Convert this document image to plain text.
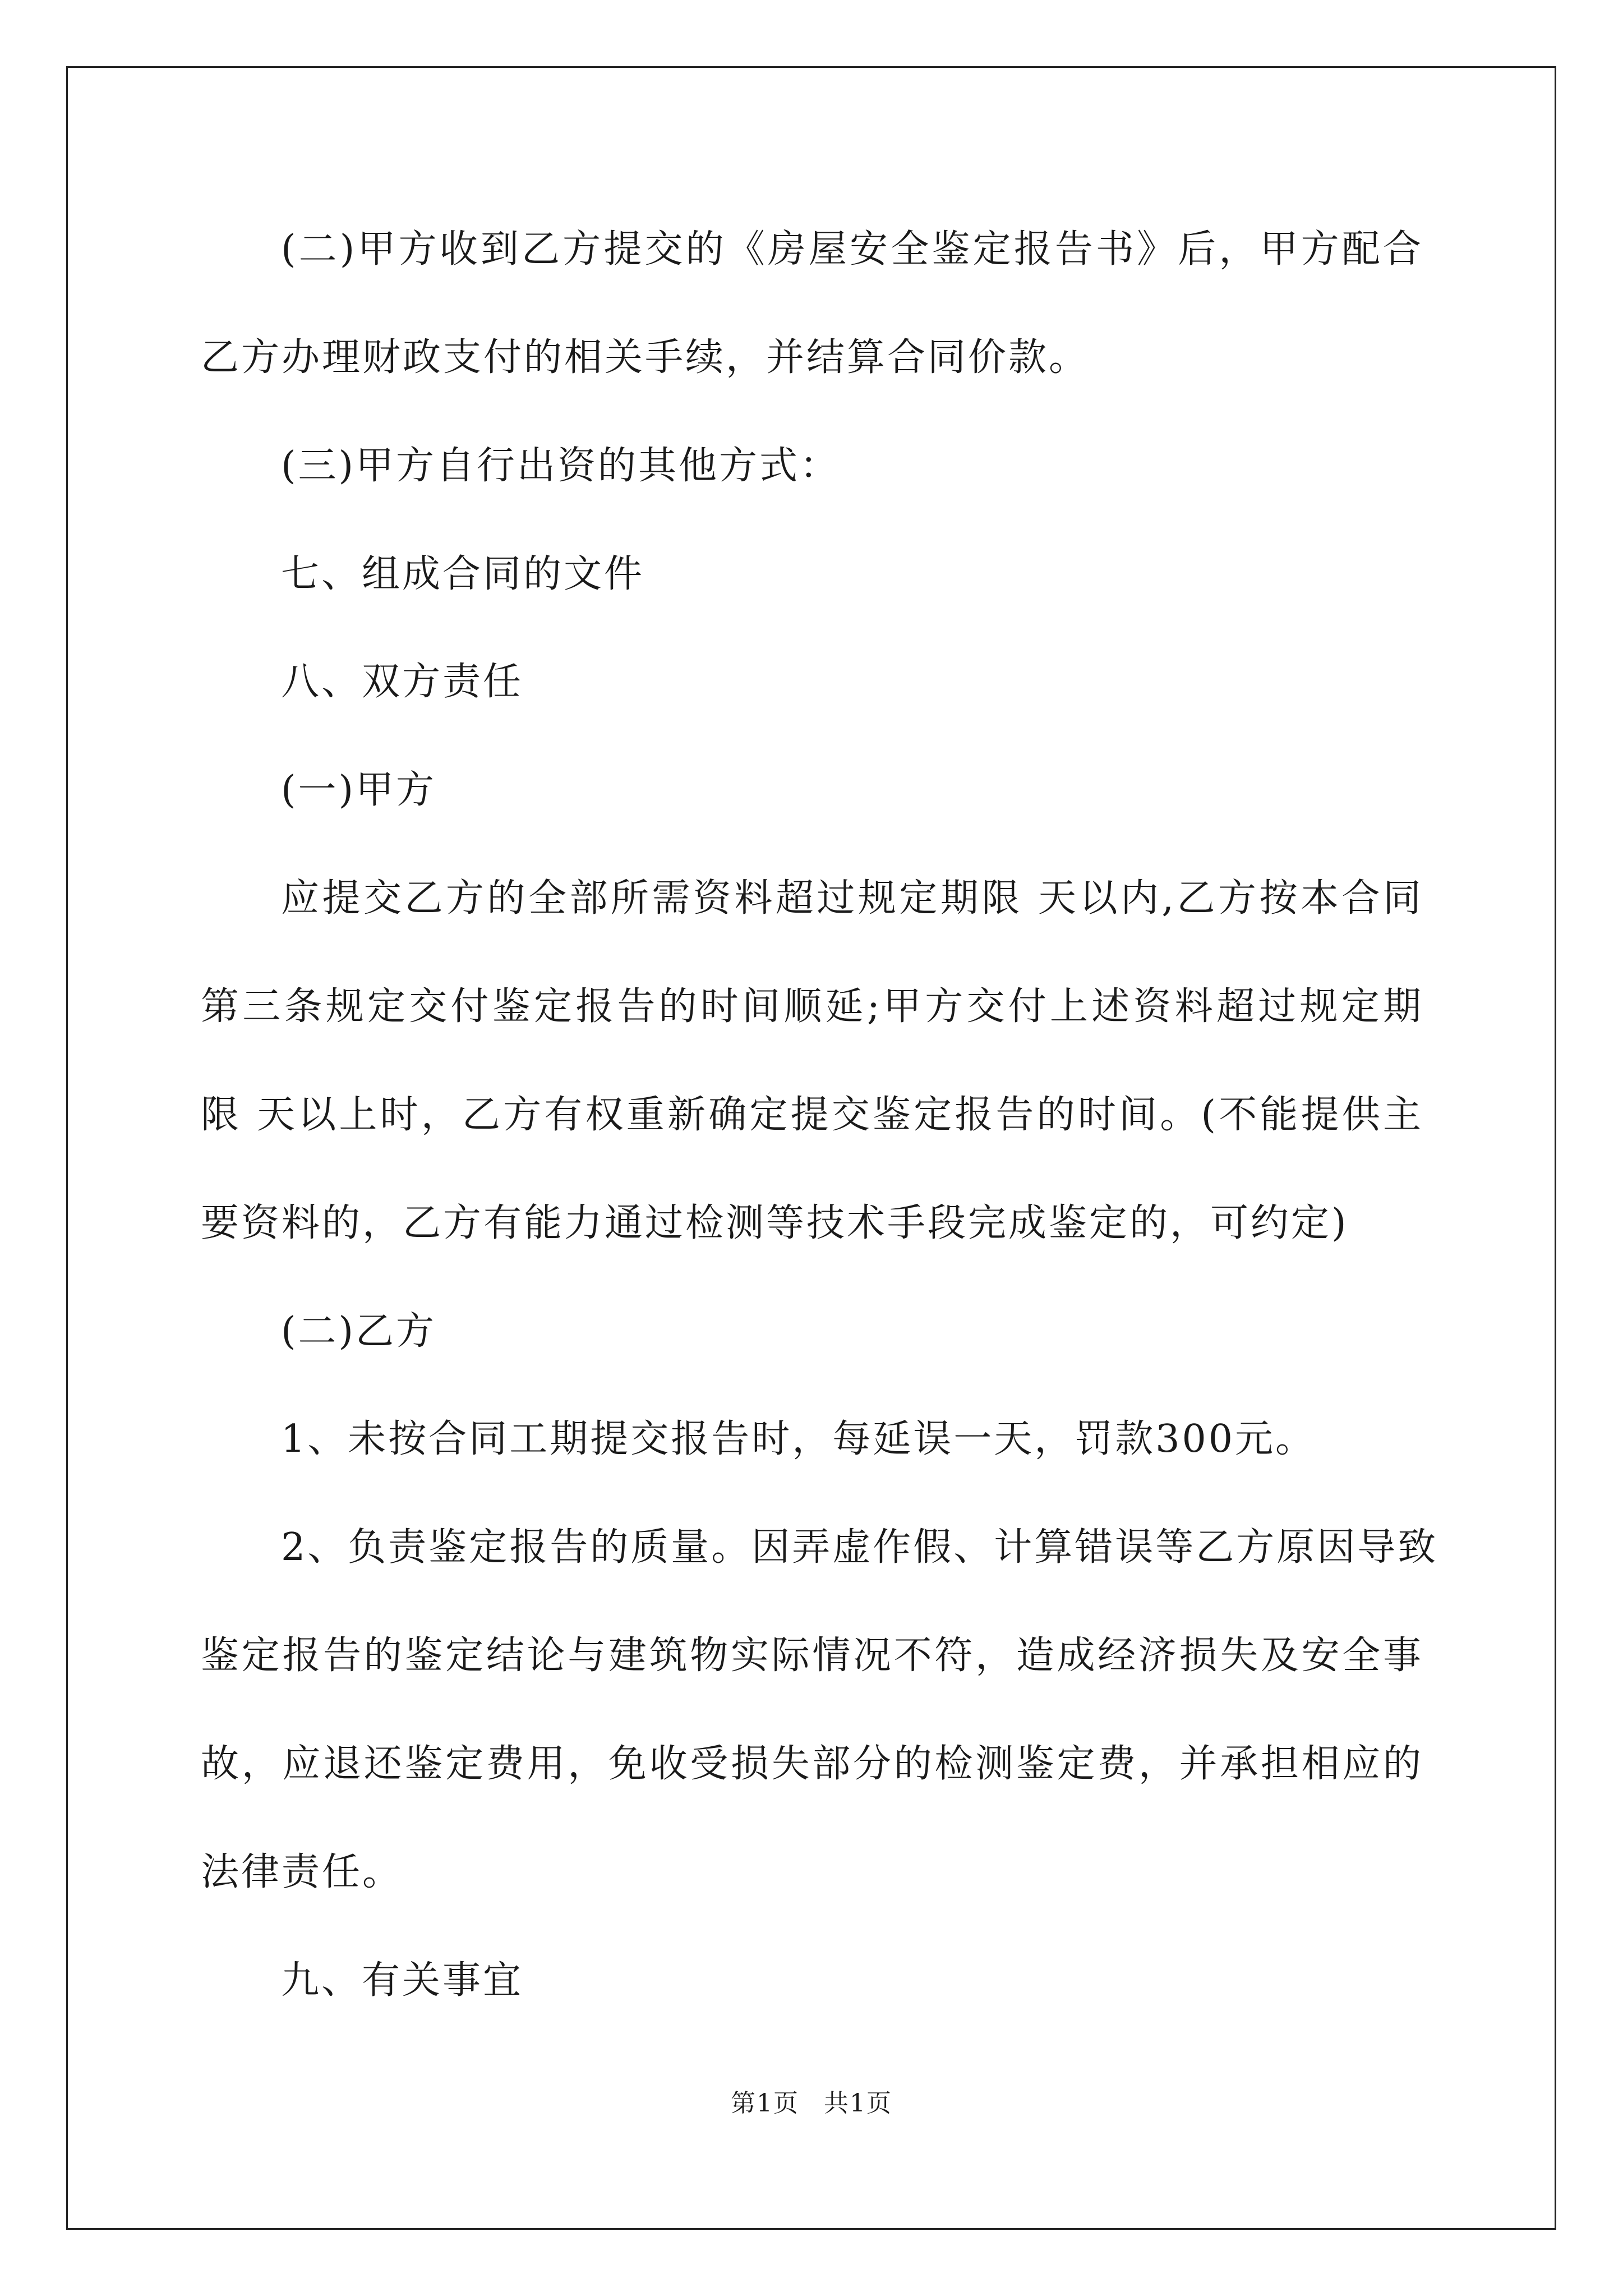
(二)甲方收到乙方提交的《房屋安全鉴定报告书》后，甲方配合
乙方办理财政支付的相关手续，并结算合同价款。
(三)甲方自行出资的其他方式：
七、组成合同的文件
八、双方责任
(一)甲方
应提交乙方的全部所需资料超过规定期限 天以内,乙方按本合同
第三条规定交付鉴定报告的时间顺延;甲方交付上述资料超过规定期
限 天以上时，乙方有权重新确定提交鉴定报告的时间。(不能提供主
要资料的，乙方有能力通过检测等技术手段完成鉴定的，可约定)
(二)乙方
1、未按合同工期提交报告时，每延误一天，罚款300元。
2、负责鉴定报告的质量。因弄虚作假、计算错误等乙方原因导致
鉴定报告的鉴定结论与建筑物实际情况不符，造成经济损失及安全事
故，应退还鉴定费用，免收受损失部分的检测鉴定费，并承担相应的
法律责任。
九、有关事宜
第1页 共1页
